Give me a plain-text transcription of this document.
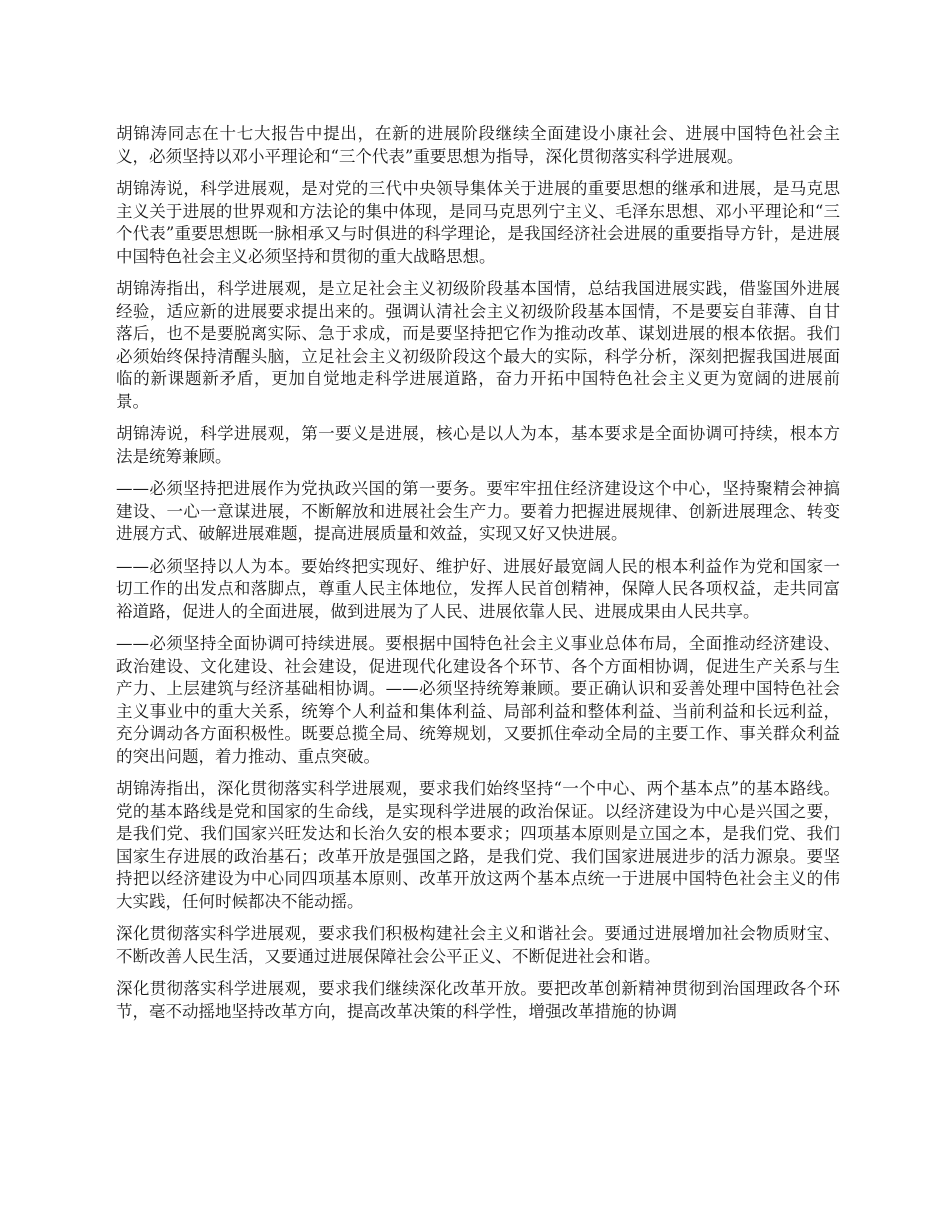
胡锦涛同志在十七大报告中提出，在新的进展阶段继续全面建设小康社会、进展中国特色社会主义，必须坚持以邓小平理论和“三个代表”重要思想为指导，深化贯彻落实科学进展观。

胡锦涛说，科学进展观，是对党的三代中央领导集体关于进展的重要思想的继承和进展，是马克思主义关于进展的世界观和方法论的集中体现，是同马克思列宁主义、毛泽东思想、邓小平理论和“三个代表”重要思想既一脉相承又与时俱进的科学理论，是我国经济社会进展的重要指导方针，是进展中国特色社会主义必须坚持和贯彻的重大战略思想。

胡锦涛指出，科学进展观，是立足社会主义初级阶段基本国情，总结我国进展实践，借鉴国外进展经验，适应新的进展要求提出来的。强调认清社会主义初级阶段基本国情，不是要妄自菲薄、自甘落后，也不是要脱离实际、急于求成，而是要坚持把它作为推动改革、谋划进展的根本依据。我们必须始终保持清醒头脑，立足社会主义初级阶段这个最大的实际，科学分析，深刻把握我国进展面临的新课题新矛盾，更加自觉地走科学进展道路，奋力开拓中国特色社会主义更为宽阔的进展前景。

胡锦涛说，科学进展观，第一要义是进展，核心是以人为本，基本要求是全面协调可持续，根本方法是统筹兼顾。

——必须坚持把进展作为党执政兴国的第一要务。要牢牢扭住经济建设这个中心，坚持聚精会神搞建设、一心一意谋进展，不断解放和进展社会生产力。要着力把握进展规律、创新进展理念、转变进展方式、破解进展难题，提高进展质量和效益，实现又好又快进展。

——必须坚持以人为本。要始终把实现好、维护好、进展好最宽阔人民的根本利益作为党和国家一切工作的出发点和落脚点，尊重人民主体地位，发挥人民首创精神，保障人民各项权益，走共同富裕道路，促进人的全面进展，做到进展为了人民、进展依靠人民、进展成果由人民共享。

——必须坚持全面协调可持续进展。要根据中国特色社会主义事业总体布局，全面推动经济建设、政治建设、文化建设、社会建设，促进现代化建设各个环节、各个方面相协调，促进生产关系与生产力、上层建筑与经济基础相协调。——必须坚持统筹兼顾。要正确认识和妥善处理中国特色社会主义事业中的重大关系，统筹个人利益和集体利益、局部利益和整体利益、当前利益和长远利益，充分调动各方面积极性。既要总揽全局、统筹规划，又要抓住牵动全局的主要工作、事关群众利益的突出问题，着力推动、重点突破。

胡锦涛指出，深化贯彻落实科学进展观，要求我们始终坚持“一个中心、两个基本点”的基本路线。党的基本路线是党和国家的生命线，是实现科学进展的政治保证。以经济建设为中心是兴国之要，是我们党、我们国家兴旺发达和长治久安的根本要求；四项基本原则是立国之本，是我们党、我们国家生存进展的政治基石；改革开放是强国之路，是我们党、我们国家进展进步的活力源泉。要坚持把以经济建设为中心同四项基本原则、改革开放这两个基本点统一于进展中国特色社会主义的伟大实践，任何时候都决不能动摇。

深化贯彻落实科学进展观，要求我们积极构建社会主义和谐社会。要通过进展增加社会物质财宝、不断改善人民生活，又要通过进展保障社会公平正义、不断促进社会和谐。

深化贯彻落实科学进展观，要求我们继续深化改革开放。要把改革创新精神贯彻到治国理政各个环节，毫不动摇地坚持改革方向，提高改革决策的科学性，增强改革措施的协调
